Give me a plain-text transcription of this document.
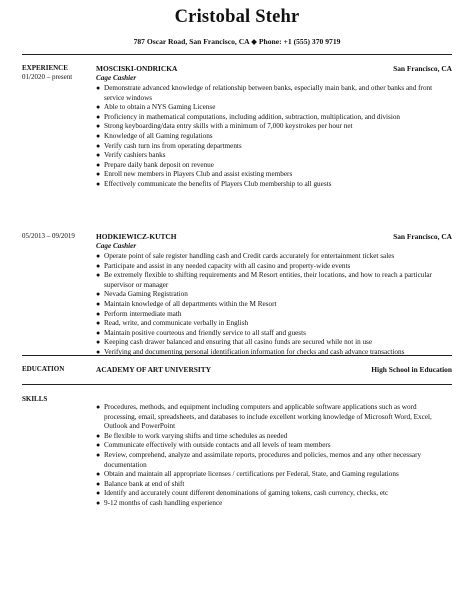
Cristobal Stehr
787 Oscar Road, San Francisco, CA ◆ Phone: +1 (555) 370 9719
EXPERIENCE
01/2020 – present
MOSCISKI-ONDRICKA	San Francisco, CA
Cage Cashier
● Demonstrate advanced knowledge of relationship between banks, especially main bank, and other banks and front service windows
● Able to obtain a NYS Gaming License
● Proficiency in mathematical computations, including addition, subtraction, multiplication, and division
● Strong keyboarding/data entry skills with a minimum of 7,000 keystrokes per hour net
● Knowledge of all Gaming regulations
● Verify cash turn ins from operating departments
● Verify cashiers banks
● Prepare daily bank deposit on revenue
● Enroll new members in Players Club and assist existing members
● Effectively communicate the benefits of Players Club membership to all guests
05/2013 – 09/2019	HODKIEWICZ-KUTCH	San Francisco, CA
Cage Cashier
● Operate point of sale register handling cash and Credit cards accurately for entertainment ticket sales
● Participate and assist in any needed capacity with all casino and property-wide events
● Be extremely flexible to shifting requirements and M Resort entities, their locations, and how to reach a particular supervisor or manager
● Nevada Gaming Registration
● Maintain knowledge of all departments within the M Resort
● Perform intermediate math
● Read, write, and communicate verbally in English
● Maintain positive courteous and friendly service to all staff and guests
● Keeping cash drawer balanced and ensuring that all casino funds are secured while not in use
● Verifying and documenting personal identification information for checks and cash advance transactions
EDUCATION	ACADEMY OF ART UNIVERSITY	High School in Education
SKILLS
● Procedures, methods, and equipment including computers and applicable software applications such as word processing, email, spreadsheets, and databases to include excellent working knowledge of Microsoft Word, Excel, Outlook and PowerPoint
● Be flexible to work varying shifts and time schedules as needed
● Communicate effectively with outside contacts and all levels of team members
● Review, comprehend, analyze and assimilate reports, procedures and policies, memos and any other necessary documentation
● Obtain and maintain all appropriate licenses / certifications per Federal, State, and Gaming regulations
● Balance bank at end of shift
● Identify and accurately count different denominations of gaming tokens, cash currency, checks, etc
● 9-12 months of cash handling experience
